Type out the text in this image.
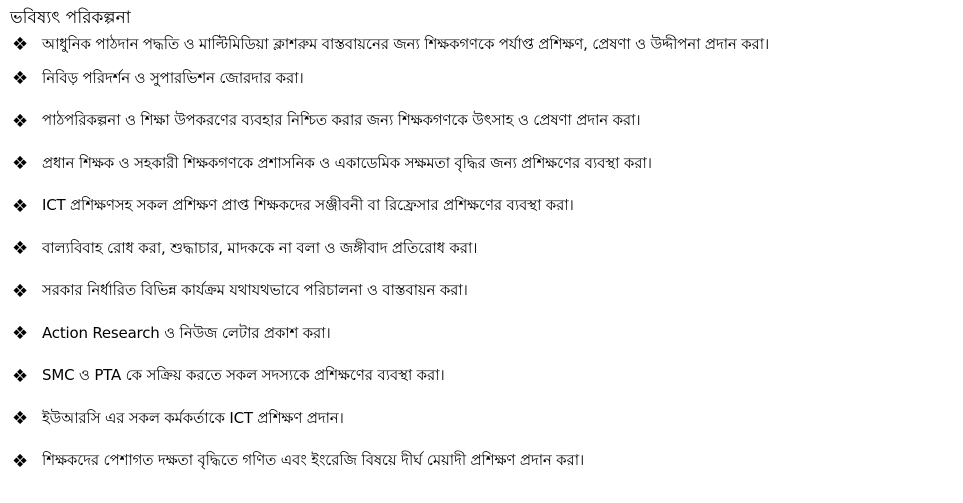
ভবিষ্যৎ পরিকল্পনা
❖ আধুনিক পাঠদান পদ্ধতি ও মাল্টিমিডিয়া ক্লাশরুম বাস্তবায়নের জন্য শিক্ষকগণকে পর্যাপ্ত প্রশিক্ষণ, প্রেষণা ও উদ্দীপনা প্রদান করা।
❖ নিবিড় পরিদর্শন ও সুপারভিশন জোরদার করা।
❖ পাঠপরিকল্পনা ও শিক্ষা উপকরণের ব্যবহার নিশ্চিত করার জন্য শিক্ষকগণকে উৎসাহ ও প্রেষণা প্রদান করা।
❖ প্রধান শিক্ষক ও সহকারী শিক্ষকগণকে প্রশাসনিক ও একাডেমিক সক্ষমতা বৃদ্ধির জন্য প্রশিক্ষণের ব্যবস্থা করা।
❖ ICT প্রশিক্ষণসহ সকল প্রশিক্ষণ প্রাপ্ত শিক্ষকদের সঞ্জীবনী বা রিফ্রেসার প্রশিক্ষণের ব্যবস্থা করা।
❖ বাল্যবিবাহ রোধ করা, শুদ্ধাচার, মাদককে না বলা ও জঙ্গীবাদ প্রতিরোধ করা।
❖ সরকার নির্ধারিত বিভিন্ন কার্যক্রম যথাযথভাবে পরিচালনা ও বাস্তবায়ন করা।
❖ Action Research ও নিউজ লেটার প্রকাশ করা।
❖ SMC ও PTA কে সক্রিয় করতে সকল সদস্যকে প্রশিক্ষণের ব্যবস্থা করা।
❖ ইউআরসি এর সকল কর্মকর্তাকে ICT প্রশিক্ষণ প্রদান।
❖ শিক্ষকদের পেশাগত দক্ষতা বৃদ্ধিতে গণিত এবং ইংরেজি বিষয়ে দীর্ঘ মেয়াদী প্রশিক্ষণ প্রদান করা।
